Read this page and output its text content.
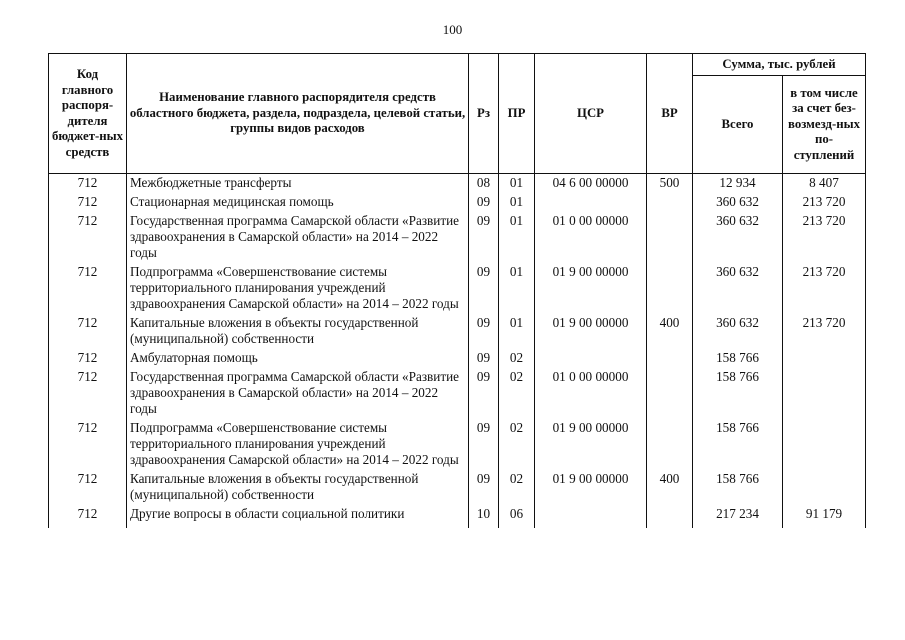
100
Код главного распоря-дителя бюджет-ных средств	Наименование главного распорядителя средств областного бюджета, раздела, подраздела, целевой статьи, группы видов расходов	Рз	ПР	ЦСР	ВР	Сумма, тыс. рублей	
						Всего	в том числе за счет без-возмезд-ных по-ступлений
712	Межбюджетные трансферты	08	01	04 6 00 00000	500	12 934	8 407
712	Стационарная медицинская помощь	09	01			360 632	213 720
712	Государственная программа Самарской области «Развитие здравоохранения в Самарской области» на 2014 – 2022 годы	09	01	01 0 00 00000		360 632	213 720
712	Подпрограмма «Совершенствование системы территориального планирования учреждений здравоохранения Самарской области» на 2014 – 2022 годы	09	01	01 9 00 00000		360 632	213 720
712	Капитальные вложения в объекты государственной (муниципальной) собственности	09	01	01 9 00 00000	400	360 632	213 720
712	Амбулаторная помощь	09	02			158 766	
712	Государственная программа Самарской области «Развитие здравоохранения в Самарской области» на 2014 – 2022 годы	09	02	01 0 00 00000		158 766	
712	Подпрограмма «Совершенствование системы территориального планирования учреждений здравоохранения Самарской области» на 2014 – 2022 годы	09	02	01 9 00 00000		158 766	
712	Капитальные вложения в объекты государственной (муниципальной) собственности	09	02	01 9 00 00000	400	158 766	
712	Другие вопросы в области социальной политики	10	06			217 234	91 179
